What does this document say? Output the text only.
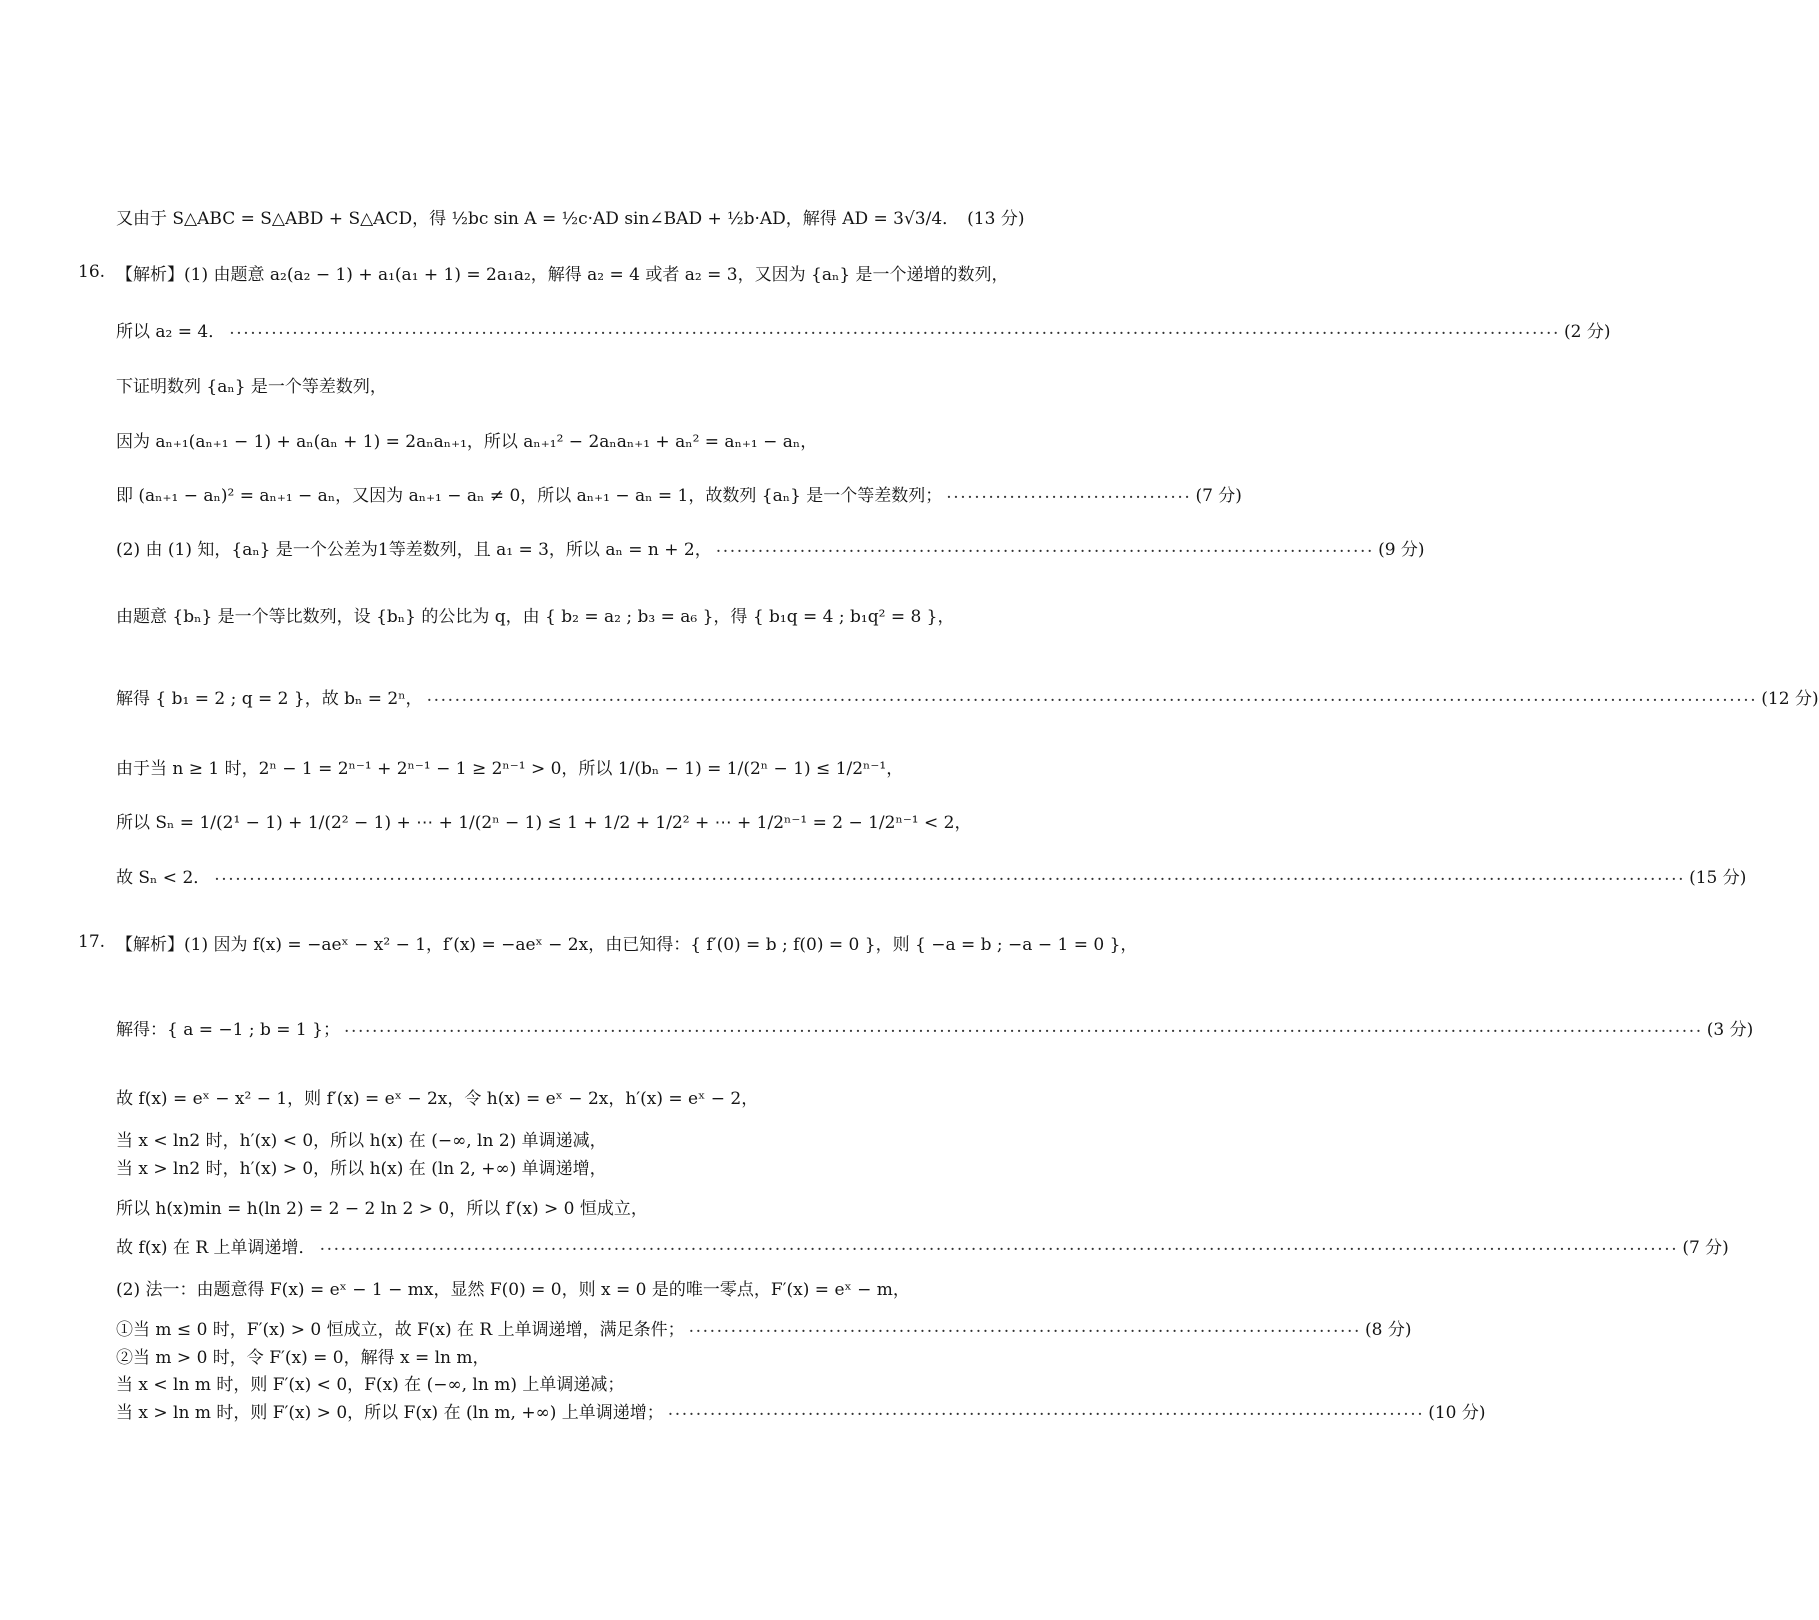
又由于 S△ABC = S△ABD + S△ACD，得 ½bc sin A = ½c·AD sin∠BAD + ½b·AD，解得 AD = 3√3/4． (13 分)
16. 【解析】(1) 由题意 a₂(a₂ − 1) + a₁(a₁ + 1) = 2a₁a₂，解得 a₂ = 4 或者 a₂ = 3，又因为 {aₙ} 是一个递增的数列，
所以 a₂ = 4． .............................................................................................................................................................................................. (2 分)
下证明数列 {aₙ} 是一个等差数列，
因为 aₙ₊₁(aₙ₊₁ − 1) + aₙ(aₙ + 1) = 2aₙaₙ₊₁，所以 aₙ₊₁² − 2aₙaₙ₊₁ + aₙ² = aₙ₊₁ − aₙ，
即 (aₙ₊₁ − aₙ)² = aₙ₊₁ − aₙ，又因为 aₙ₊₁ − aₙ ≠ 0，所以 aₙ₊₁ − aₙ = 1，故数列 {aₙ} 是一个等差数列； ................................... (7 分)
(2) 由 (1) 知，{aₙ} 是一个公差为1等差数列，且 a₁ = 3，所以 aₙ = n + 2， .............................................................................................. (9 分)
由题意 {bₙ} 是一个等比数列，设 {bₙ} 的公比为 q，由 { b₂ = a₂ ; b₃ = a₆ }，得 { b₁q = 4 ; b₁q² = 8 }，
解得 { b₁ = 2 ; q = 2 }，故 bₙ = 2ⁿ， .............................................................................................................................................................................................. (12 分)
由于当 n ≥ 1 时，2ⁿ − 1 = 2ⁿ⁻¹ + 2ⁿ⁻¹ − 1 ≥ 2ⁿ⁻¹ > 0，所以 1/(bₙ − 1) = 1/(2ⁿ − 1) ≤ 1/2ⁿ⁻¹，
所以 Sₙ = 1/(2¹ − 1) + 1/(2² − 1) + ⋯ + 1/(2ⁿ − 1) ≤ 1 + 1/2 + 1/2² + ⋯ + 1/2ⁿ⁻¹ = 2 − 1/2ⁿ⁻¹ < 2，
故 Sₙ < 2． .................................................................................................................................................................................................................. (15 分)
17. 【解析】(1) 因为 f(x) = −aeˣ − x² − 1，f′(x) = −aeˣ − 2x，由已知得：{ f′(0) = b ; f(0) = 0 }，则 { −a = b ; −a − 1 = 0 }，
解得：{ a = −1 ; b = 1 }； .................................................................................................................................................................................................. (3 分)
故 f(x) = eˣ − x² − 1，则 f′(x) = eˣ − 2x，令 h(x) = eˣ − 2x，h′(x) = eˣ − 2，
当 x < ln2 时，h′(x) < 0，所以 h(x) 在 (−∞, ln 2) 单调递减，
当 x > ln2 时，h′(x) > 0，所以 h(x) 在 (ln 2, +∞) 单调递增，
所以 h(x)min = h(ln 2) = 2 − 2 ln 2 > 0，所以 f′(x) > 0 恒成立，
故 f(x) 在 R 上单调递增． .................................................................................................................................................................................................. (7 分)
(2) 法一：由题意得 F(x) = eˣ − 1 − mx，显然 F(0) = 0，则 x = 0 是的唯一零点，F′(x) = eˣ − m，
①当 m ≤ 0 时，F′(x) > 0 恒成立，故 F(x) 在 R 上单调递增，满足条件； ................................................................................................ (8 分)
②当 m > 0 时，令 F′(x) = 0，解得 x = ln m，
当 x < ln m 时，则 F′(x) < 0，F(x) 在 (−∞, ln m) 上单调递减；
当 x > ln m 时，则 F′(x) > 0，所以 F(x) 在 (ln m, +∞) 上单调递增； ............................................................................................................ (10 分)
